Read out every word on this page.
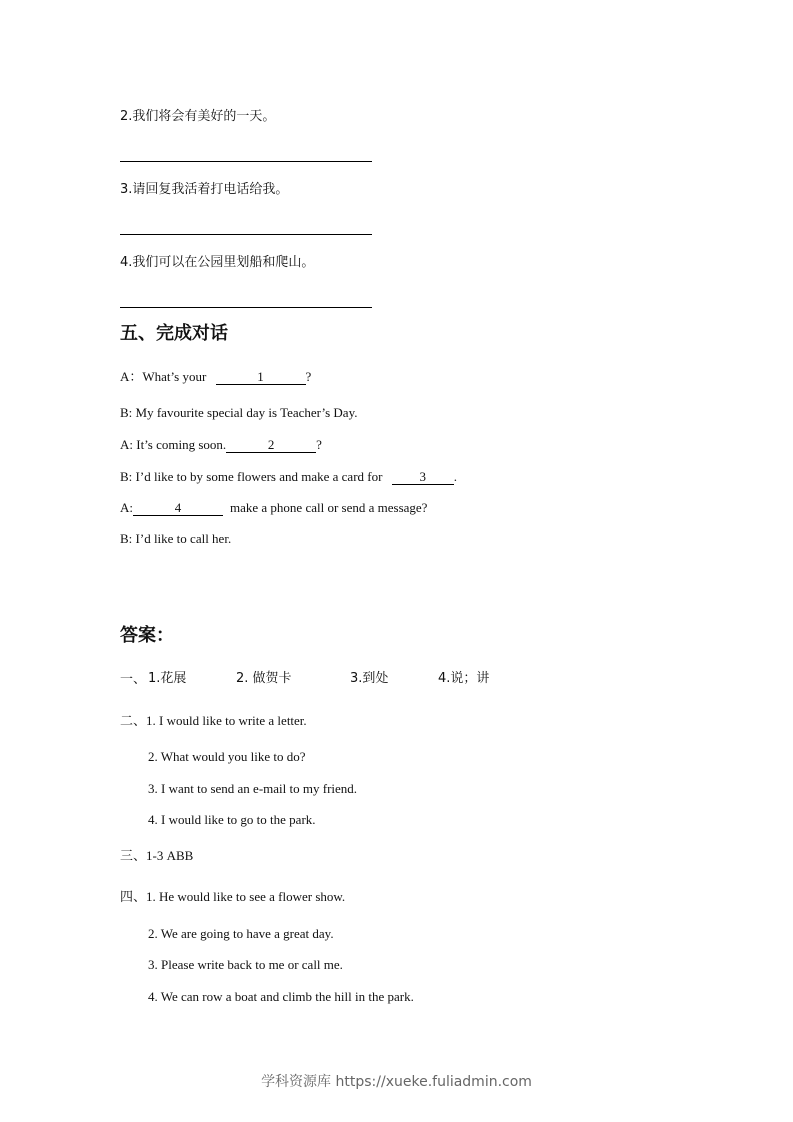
2.我们将会有美好的一天。
3.请回复我活着打电话给我。
4.我们可以在公园里划船和爬山。
五、完成对话
A：What’s your	1	?
B: My favourite special day is Teacher’s Day.
A: It’s coming soon.	2	?
B: I’d like to by some flowers and make a card for	3 .
A:	4	make a phone call or send a message?
B: I’d like to call her.
答案：
一、 1.花展	2. 做贺卡	3.到处	4.说；讲
二、1. I would like to write a letter.
2. What would you like to do?
3. I want to send an e-mail to my friend.
4. I would like to go to the park.
三、1-3 ABB
四、1. He would like to see a flower show.
2. We are going to have a great day.
3. Please write back to me or call me.
4. We can row a boat and climb the hill in the park.
学科资源库 https://xueke.fuliadmin.com
